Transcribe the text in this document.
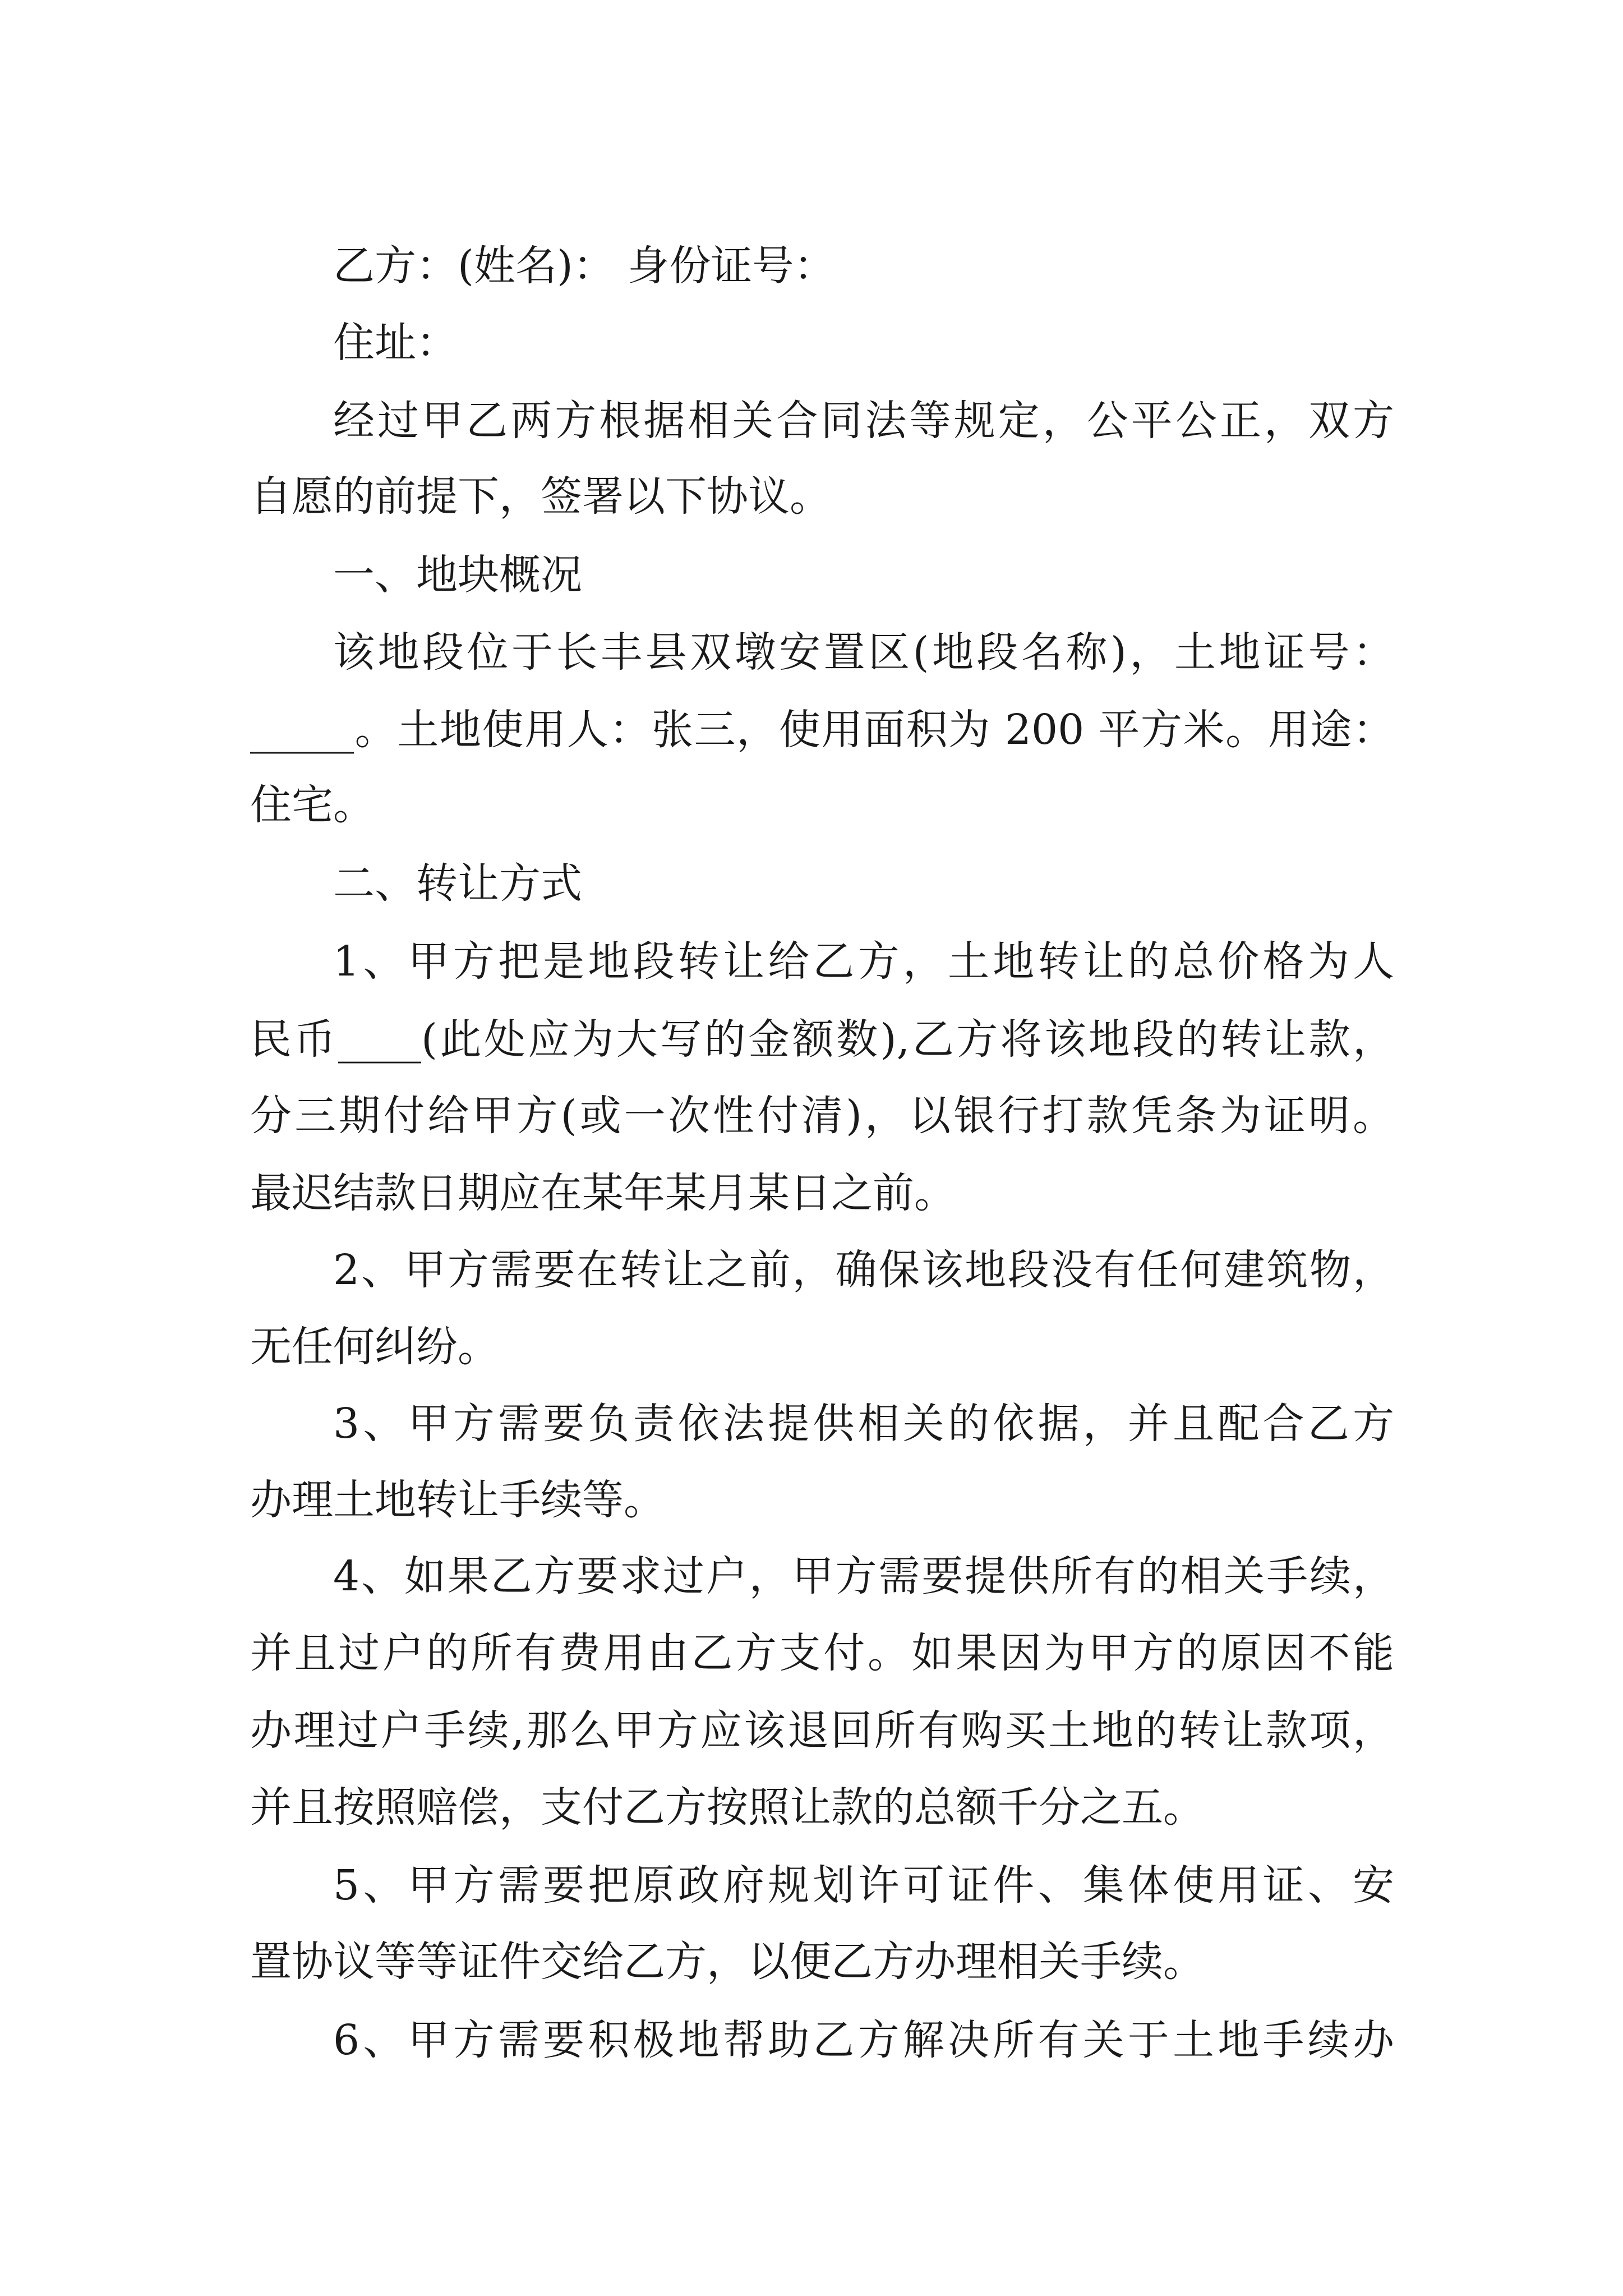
乙方：(姓名)： 身份证号：
住址：
经过甲乙两方根据相关合同法等规定，公平公正，双方
自愿的前提下，签署以下协议。
一、地块概况
该地段位于长丰县双墩安置区(地段名称)，土地证号：
_____。土地使用人：张三，使用面积为 200 平方米。用途：
住宅。
二、转让方式
1、甲方把是地段转让给乙方，土地转让的总价格为人
民币____(此处应为大写的金额数),乙方将该地段的转让款，
分三期付给甲方(或一次性付清)，以银行打款凭条为证明。
最迟结款日期应在某年某月某日之前。
2、甲方需要在转让之前，确保该地段没有任何建筑物，
无任何纠纷。
3、甲方需要负责依法提供相关的依据，并且配合乙方
办理土地转让手续等。
4、如果乙方要求过户，甲方需要提供所有的相关手续，
并且过户的所有费用由乙方支付。如果因为甲方的原因不能
办理过户手续,那么甲方应该退回所有购买土地的转让款项，
并且按照赔偿，支付乙方按照让款的总额千分之五。
5、甲方需要把原政府规划许可证件、集体使用证、安
置协议等等证件交给乙方，以便乙方办理相关手续。
6、甲方需要积极地帮助乙方解决所有关于土地手续办
